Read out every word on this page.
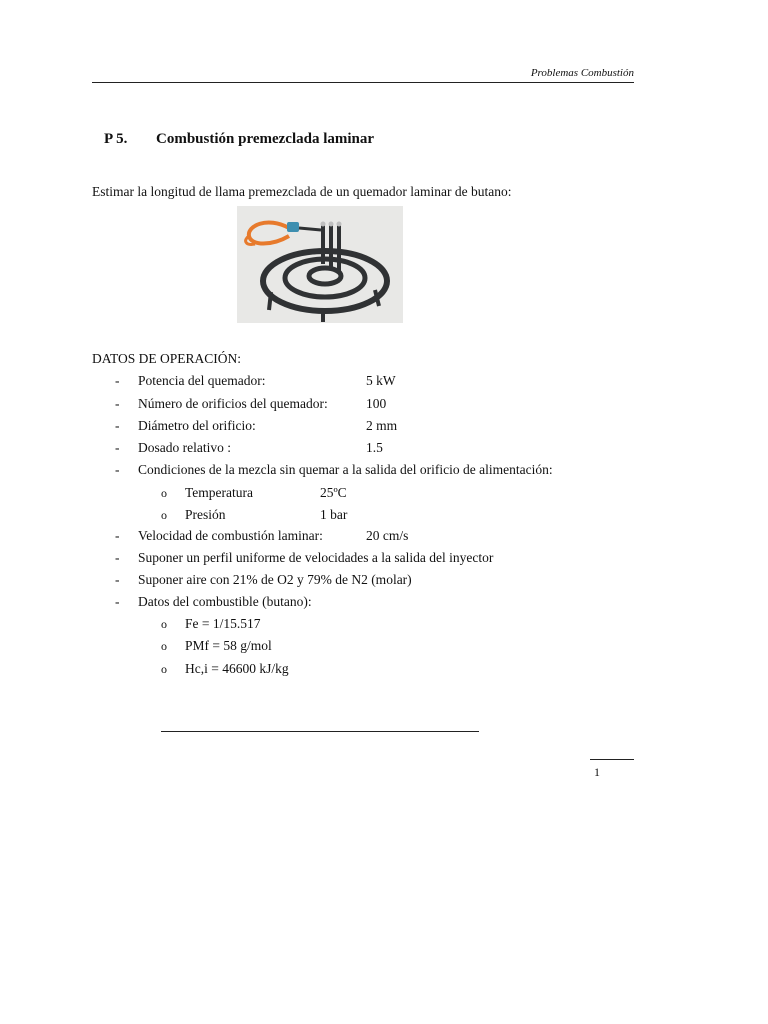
Problemas Combustión
P 5. Combustión premezclada laminar
Estimar la longitud de llama premezclada de un quemador laminar de butano:
DATOS DE OPERACIÓN:
- Potencia del quemador:	5 kW
- Número de orificios del quemador:	100
- Diámetro del orificio:	2 mm
- Dosado relativo :	1.5
- Condiciones de la mezcla sin quemar a la salida del orificio de alimentación:
o Temperatura	25ºC
o Presión	1 bar
- Velocidad de combustión laminar:	20 cm/s
- Suponer un perfil uniforme de velocidades a la salida del inyector
- Suponer aire con 21% de O2 y 79% de N2 (molar)
- Datos del combustible (butano):
o Fe = 1/15.517
o PMf = 58 g/mol
o Hc,i = 46600 kJ/kg
1
